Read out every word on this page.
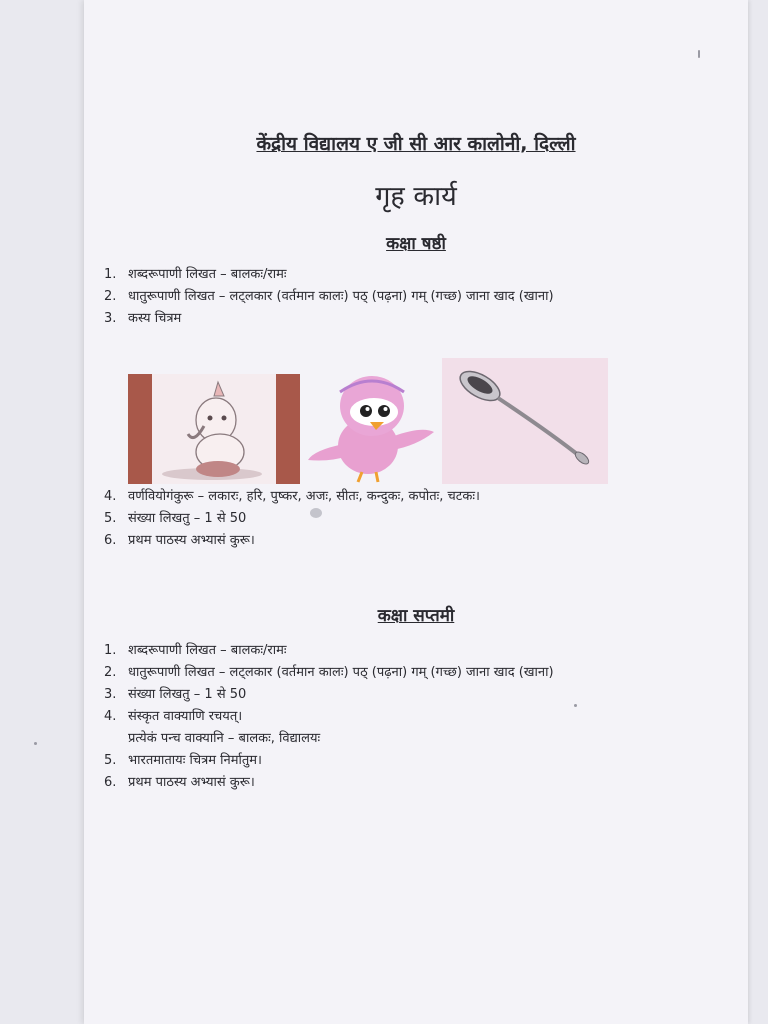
केंद्रीय विद्यालय ए जी सी आर कालोनी, दिल्ली
गृह कार्य
कक्षा षष्ठी
1. शब्दरूपाणी लिखत – बालकः/रामः
2. धातुरूपाणी लिखत – लट्लकार (वर्तमान कालः) पठ् (पढ़ना) गम् (गच्छ) जाना खाद (खाना)
3. कस्य चित्रम
4. वर्णवियोगंकुरू – लकारः, हरि, पुष्कर, अजः, सीतः, कन्दुकः, कपोतः, चटकः।
5. संख्या लिखतु – 1 से 50
6. प्रथम पाठस्य अभ्यासं कुरू।
कक्षा सप्तमी
1. शब्दरूपाणी लिखत – बालकः/रामः
2. धातुरूपाणी लिखत – लट्लकार (वर्तमान कालः) पठ् (पढ़ना) गम् (गच्छ) जाना खाद (खाना)
3. संख्या लिखतु – 1 से 50
4. संस्कृत वाक्याणि रचयत्।
प्रत्येकं पन्च वाक्यानि – बालकः, विद्यालयः
5. भारतमातायः चित्रम निर्मातुम।
6. प्रथम पाठस्य अभ्यासं कुरू।
